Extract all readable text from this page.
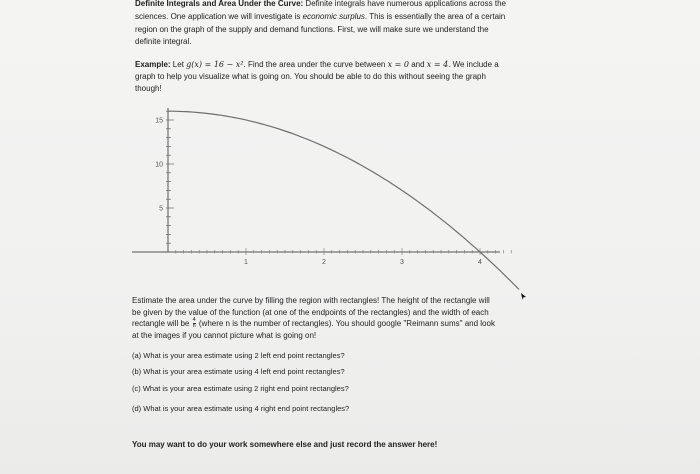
Definite Integrals and Area Under the Curve: Definite integrals have numerous applications across the
sciences. One application we will investigate is economic surplus. This is essentially the area of a certain
region on the graph of the supply and demand functions. First, we will make sure we understand the
definite integral.
Example: Let g(x) = 16 − x². Find the area under the curve between x = 0 and x = 4. We include a
graph to help you visualize what is going on. You should be able to do this without seeing the graph
though!
15
10
5
1	2	3	4
Estimate the area under the curve by filling the region with rectangles! The height of the rectangle will
be given by the value of the function (at one of the endpoints of the rectangles) and the width of each
rectangle will be $\frac{4}{n}$ (where n is the number of rectangles). You should google "Reimann sums" and look
at the images if you cannot picture what is going on!
(a) What is your area estimate using 2 left end point rectangles?
(b) What is your area estimate using 4 left end point rectangles?
(c) What is your area estimate using 2 right end point rectangles?
(d) What is your area estimate using 4 right end point rectangles?
You may want to do your work somewhere else and just record the answer here!
